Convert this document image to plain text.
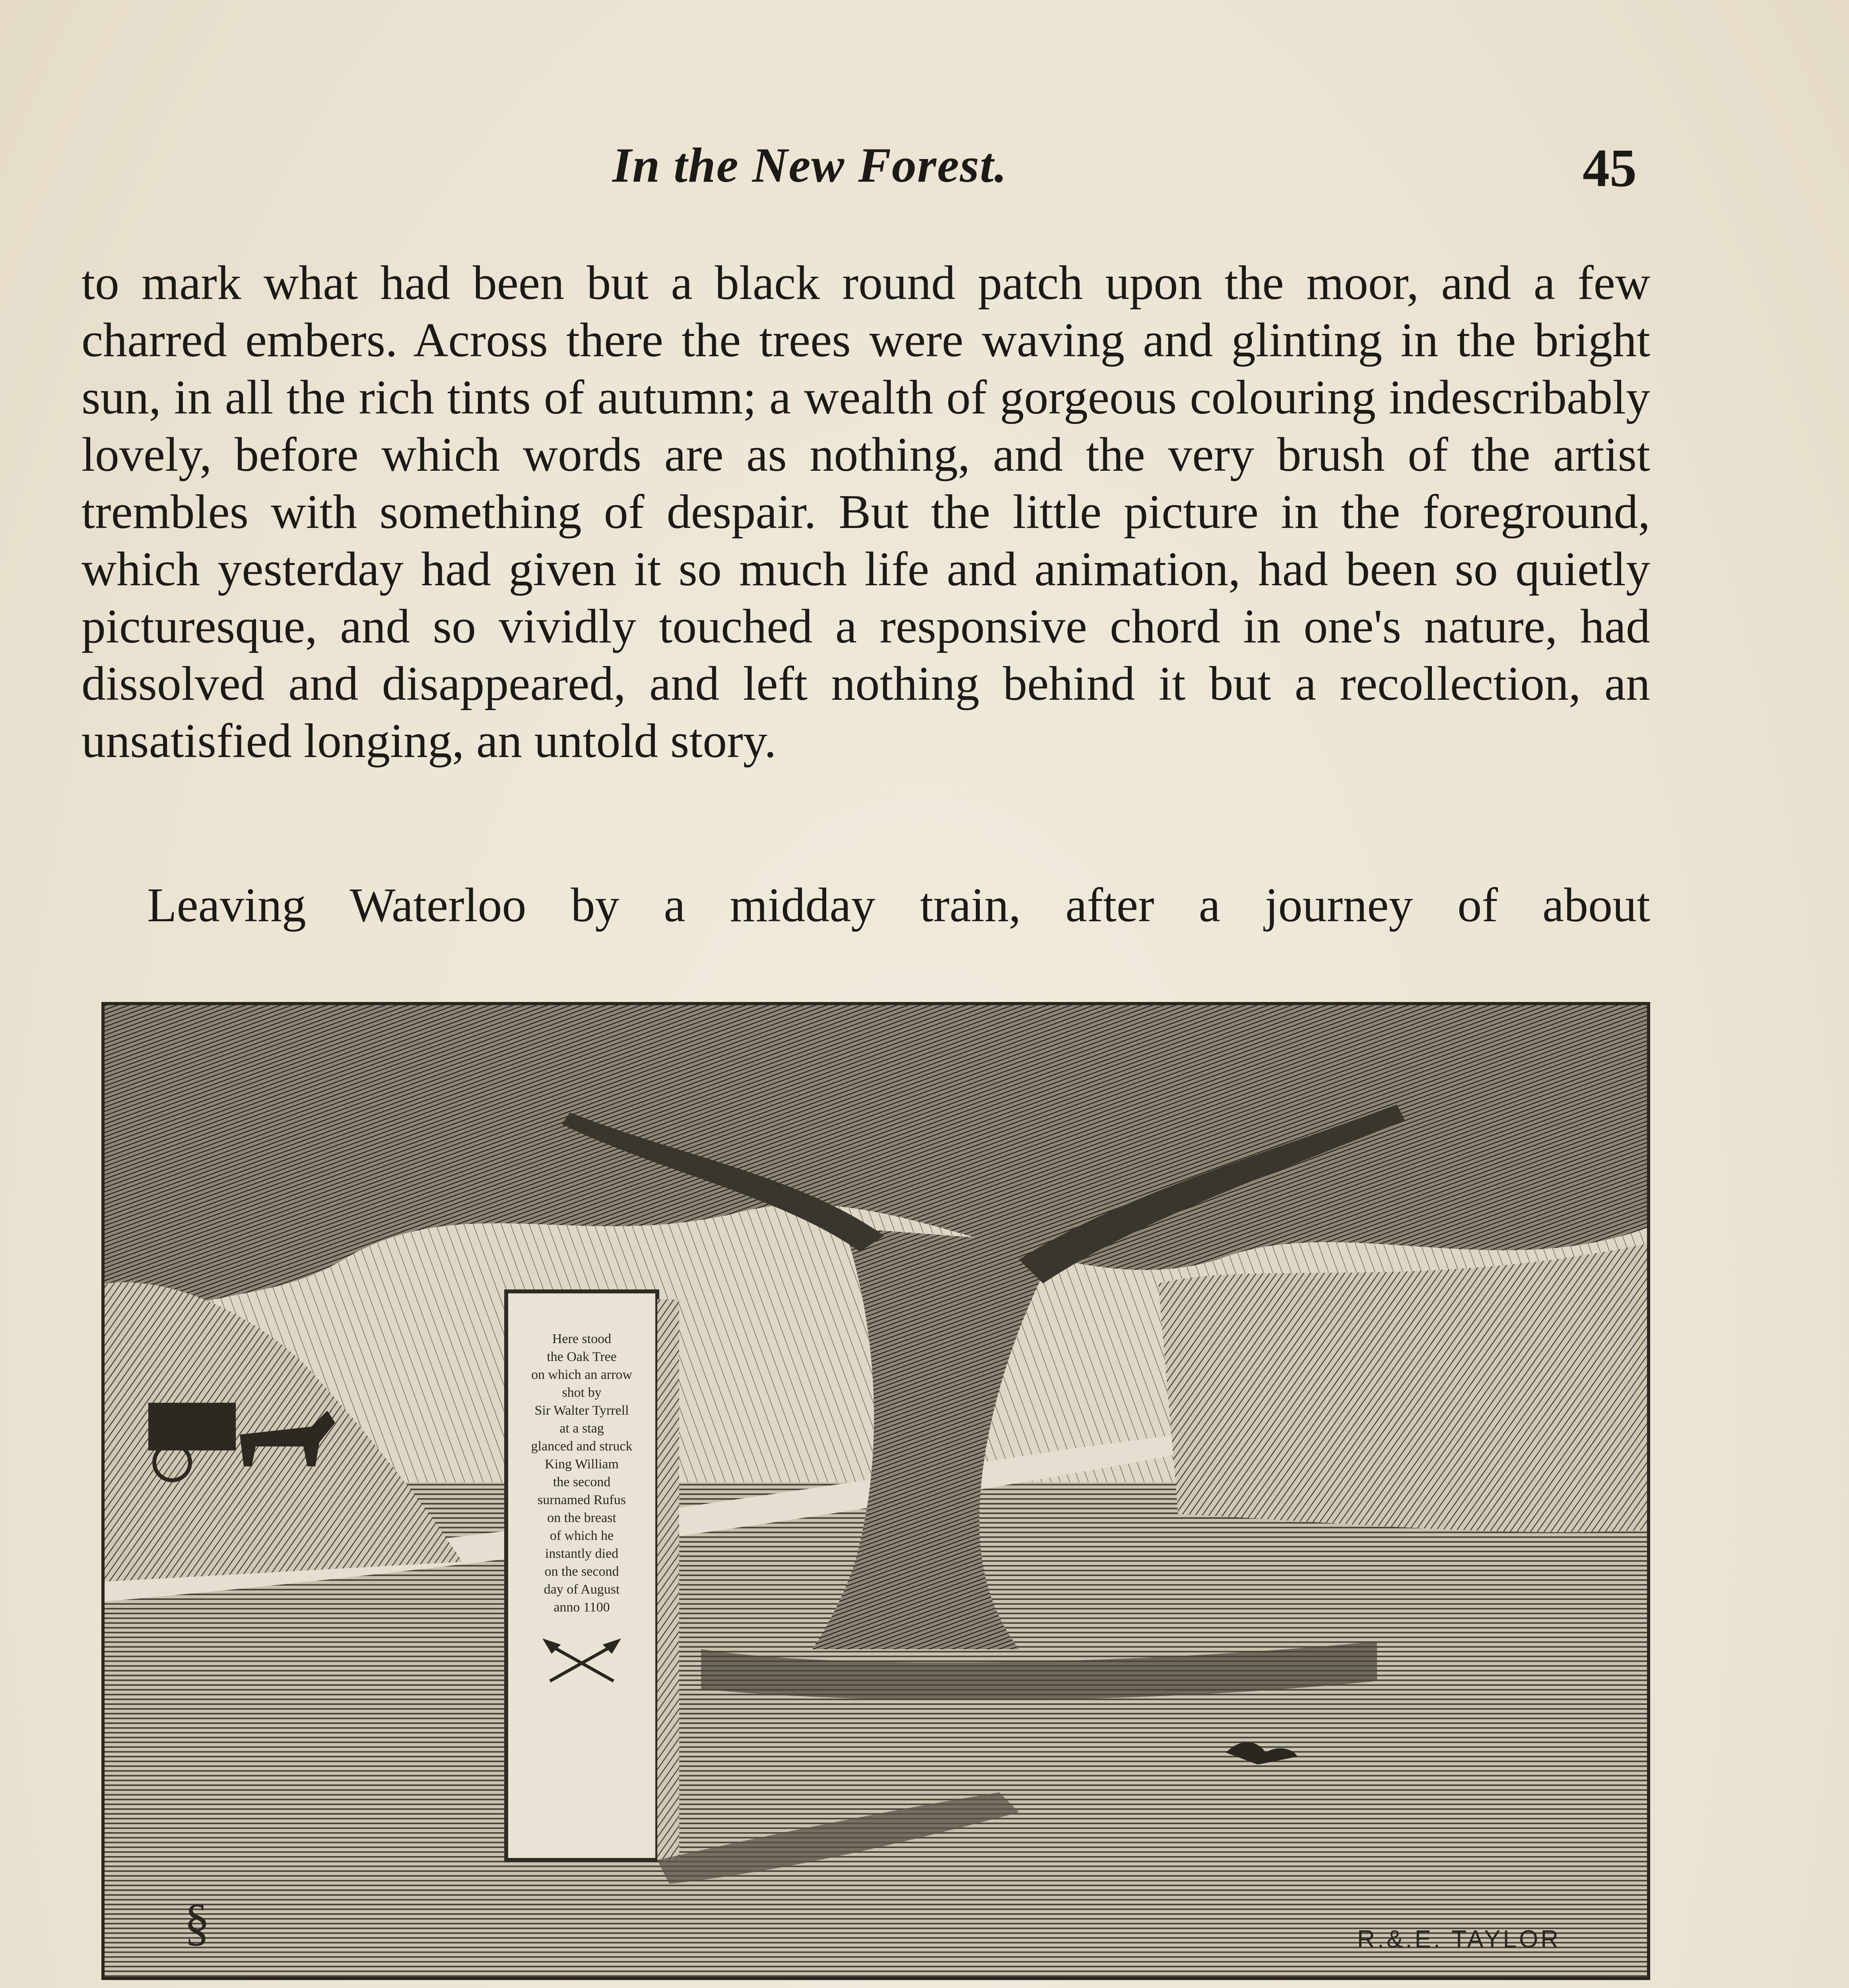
In the New Forest.	45

to mark what had been but a black round patch upon the moor, and a few charred embers. Across there the trees were waving and glinting in the bright sun, in all the rich tints of autumn; a wealth of gorgeous colouring indescribably lovely, before which words are as nothing, and the very brush of the artist trembles with something of despair. But the little picture in the foreground, which yesterday had given it so much life and animation, had been so quietly picturesque, and so vividly touched a responsive chord in one's nature, had dissolved and disappeared, and left nothing behind it but a recollection, an unsatisfied longing, an untold story.

Leaving Waterloo by a midday train, after a journey of about

Here stood
the Oak Tree
on which an arrow
shot by
Sir Walter Tyrrell
at a stag
glanced and struck
King William
the second
surnamed Rufus
on the breast
of which he
instantly died
on the second
day of August
anno 1100
§	R.&.E. TAYLOR
